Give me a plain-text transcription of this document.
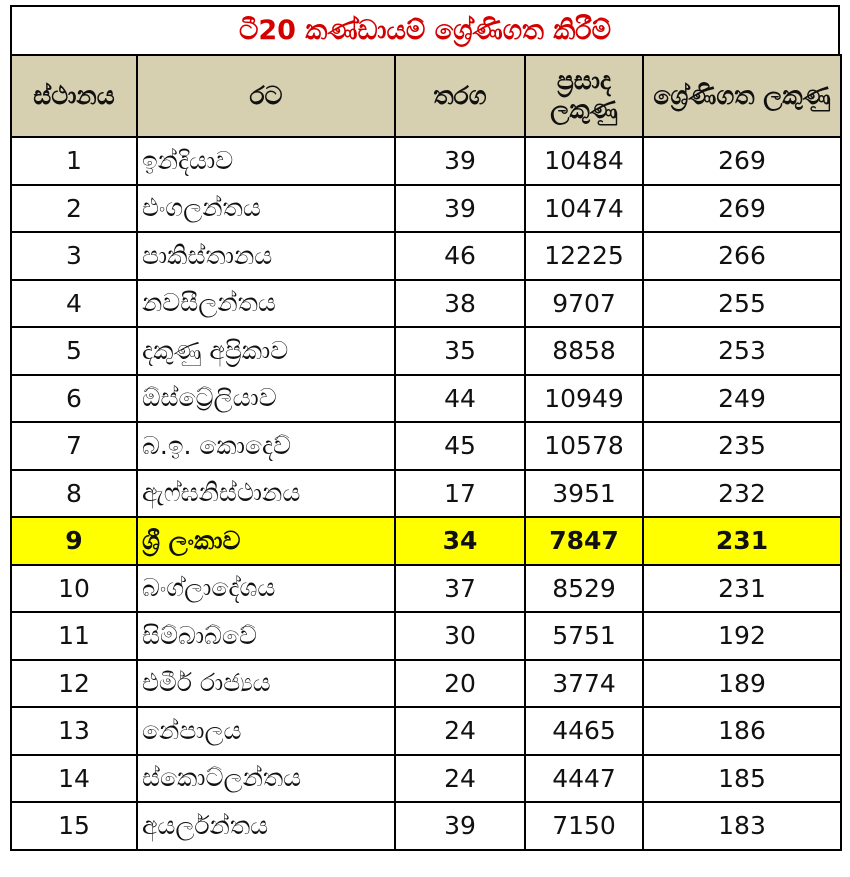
ටී20 කණ්ඩායම් ශ්‍රේණිගත කිරීම්
ස්ථානය	රට	තරග	ප්‍රසාද ලකුණු	ශ්‍රේණිගත ලකුණු
1	ඉන්දියාව	39	10484	269
2	එංගලන්තය	39	10474	269
3	පාකිස්තානය	46	12225	266
4	නවසීලන්තය	38	9707	255
5	දකුණු අප්‍රිකාව	35	8858	253
6	ඕස්ට්‍රේලියාව	44	10949	249
7	බ.ඉ. කොදෙව්	45	10578	235
8	ඇෆ්ඝනිස්ථානය	17	3951	232
9	ශ්‍රී ලංකාව	34	7847	231
10	බංග්ලාදේශය	37	8529	231
11	සිම්බාබ්වේ	30	5751	192
12	එමීර් රාජ්‍යය	20	3774	189
13	නේපාලය	24	4465	186
14	ස්කොට්ලන්තය	24	4447	185
15	අයර්ලන්තය	39	7150	183
